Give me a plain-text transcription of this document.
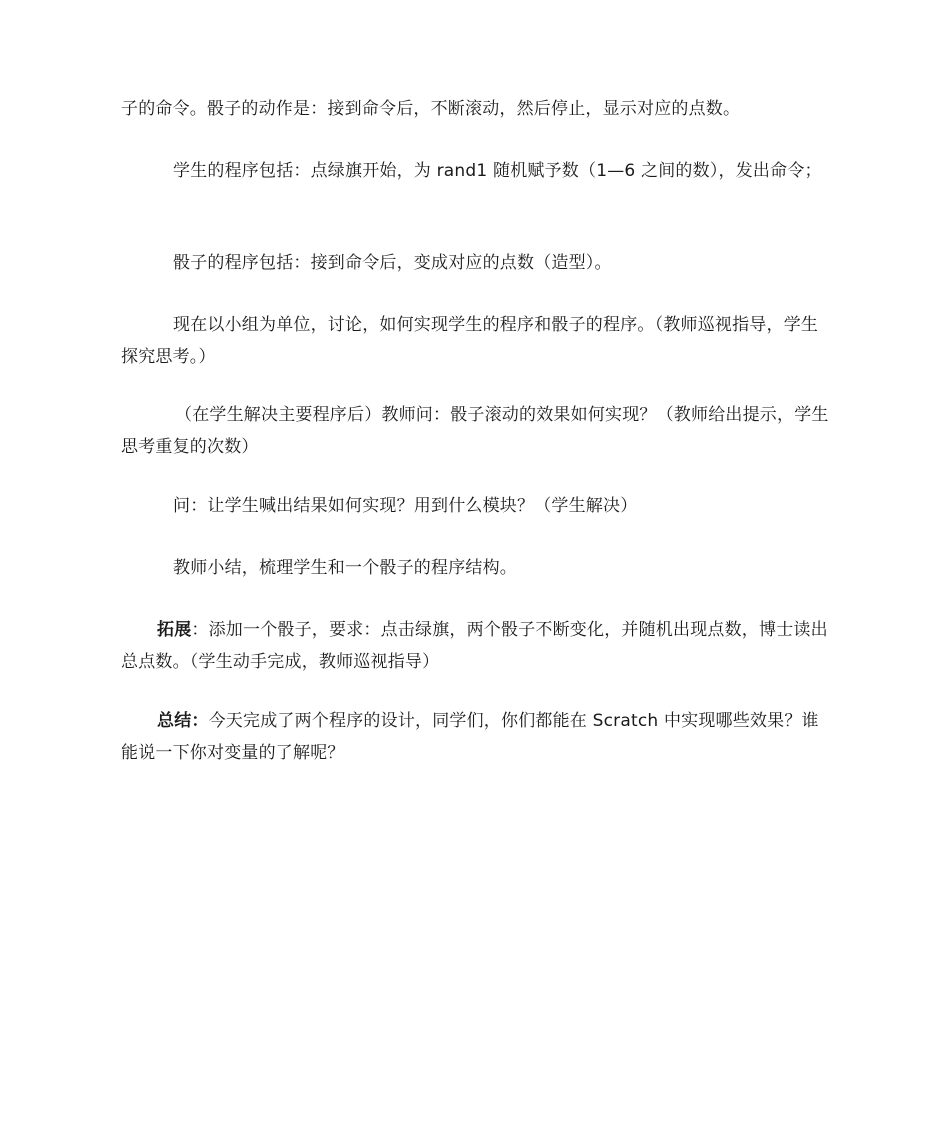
子的命令。骰子的动作是：接到命令后，不断滚动，然后停止，显示对应的点数。

学生的程序包括：点绿旗开始，为 rand1 随机赋予数（1—6 之间的数），发出命令；

骰子的程序包括：接到命令后，变成对应的点数（造型）。

现在以小组为单位，讨论，如何实现学生的程序和骰子的程序。（教师巡视指导，学生探究思考。）

（在学生解决主要程序后）教师问：骰子滚动的效果如何实现？（教师给出提示，学生思考重复的次数）

问：让学生喊出结果如何实现？用到什么模块？（学生解决）

教师小结，梳理学生和一个骰子的程序结构。

拓展：添加一个骰子，要求：点击绿旗，两个骰子不断变化，并随机出现点数，博士读出总点数。（学生动手完成，教师巡视指导）

总结：今天完成了两个程序的设计，同学们，你们都能在 Scratch 中实现哪些效果？谁能说一下你对变量的了解呢？
